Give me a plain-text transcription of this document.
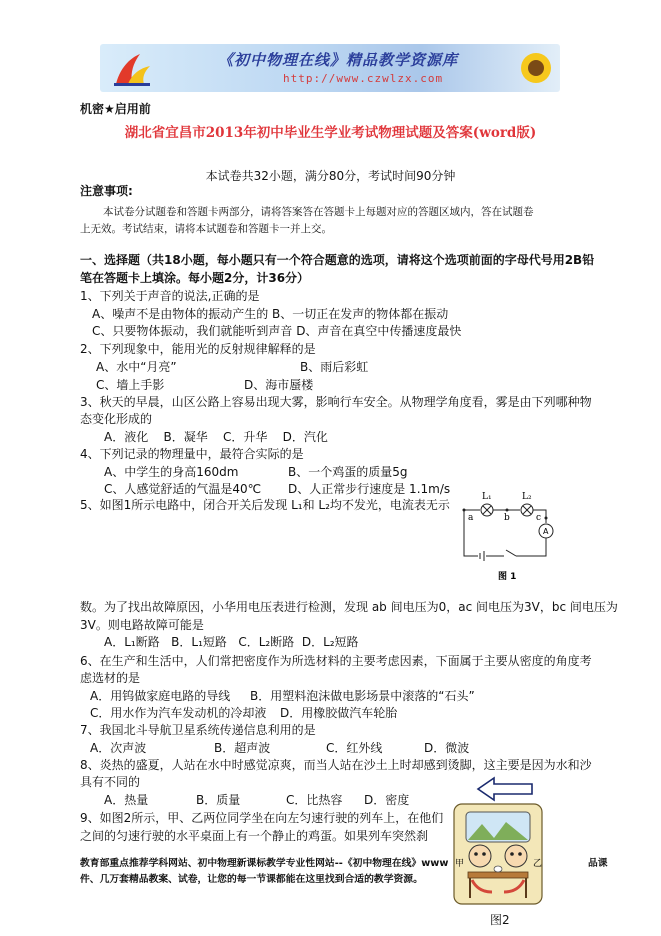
《初中物理在线》精品教学资源库
http://www.czwlzx.com
机密★启用前
湖北省宜昌市2013年初中毕业生学业考试物理试题及答案(word版)
本试卷共32小题，满分80分，考试时间90分钟
注意事项:
本试卷分试题卷和答题卡两部分，请将答案答在答题卡上每题对应的答题区域内，答在试题卷
上无效。考试结束，请将本试题卷和答题卡一并上交。
一、选择题（共18小题，每小题只有一个符合题意的选项，请将这个选项前面的字母代号用2B铅
笔在答题卡上填涂。每小题2分，计36分）
1、下列关于声音的说法,正确的是
A、噪声不是由物体的振动产生的 B、一切正在发声的物体都在振动
C、只要物体振动，我们就能听到声音 D、声音在真空中传播速度最快
2、下列现象中，能用光的反射规律解释的是
A、水中“月亮”	B、雨后彩虹
C、墙上手影	D、海市蜃楼
3、秋天的早晨，山区公路上容易出现大雾，影响行车安全。从物理学角度看，雾是由下列哪种物
态变化形成的
A．液化    B．凝华    C．升华    D．汽化
4、下列记录的物理量中，最符合实际的是
A、中学生的身高160dm	B、一个鸡蛋的质量5g
C、人感觉舒适的气温是40℃ D、人正常步行速度是 1.1m/s
5、如图1所示电路中，闭合开关后发现 L₁和 L₂均不发光，电流表无示
L₁	L₂
a	b	c
A
图 1
数。为了找出故障原因，小华用电压表进行检测，发现 ab 间电压为0，ac 间电压为3V，bc 间电压为
3V。则电路故障可能是
A．L₁断路   B．L₁短路   C．L₂断路  D．L₂短路
6、在生产和生活中，人们常把密度作为所选材料的主要考虑因素，下面属于主要从密度的角度考
虑选材的是
A．用钨做家庭电路的导线 B．用塑料泡沫做电影场景中滚落的“石头”
C．用水作为汽车发动机的冷却液 D．用橡胶做汽车轮胎
7、我国北斗导航卫星系统传递信息利用的是
A．次声波	B．超声波	C．红外线	D．微波
8、炎热的盛夏，人站在水中时感觉凉爽，而当人站在沙土上时却感到烫脚，这主要是因为水和沙
具有不同的
A．热量	B．质量	C．比热容 D．密度
9、如图2所示，甲、乙两位同学坐在向左匀速行驶的列车上，在他们
之间的匀速行驶的水平桌面上有一个静止的鸡蛋。如果列车突然刹
甲	乙
教育部重点推荐学科网站、初中物理新课标教学专业性网站--《初中物理在线》www	品课
件、几万套精品教案、试卷，让您的每一节课都能在这里找到合适的教学资源。
图2
